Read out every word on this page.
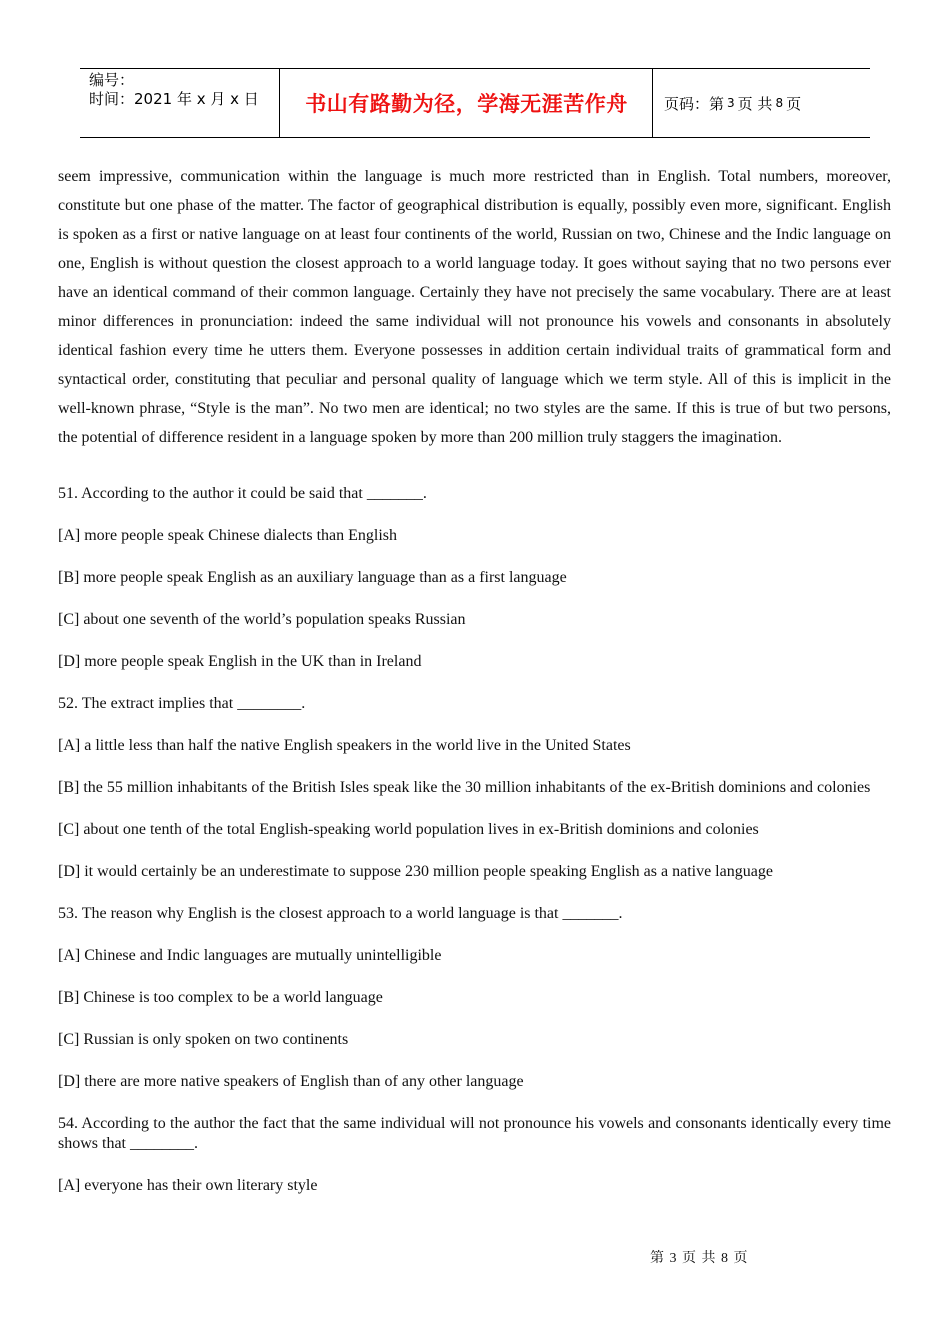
编号：
时间：2021 年 x 月 x 日	书山有路勤为径，学海无涯苦作舟	页码：第 3 页 共 8 页

seem impressive, communication within the language is much more restricted than in English. Total numbers, moreover, constitute but one phase of the matter. The factor of geographical distribution is equally, possibly even more, significant. English is spoken as a first or native language on at least four continents of the world, Russian on two, Chinese and the Indic language on one, English is without question the closest approach to a world language today. It goes without saying that no two persons ever have an identical command of their common language. Certainly they have not precisely the same vocabulary. There are at least minor differences in pronunciation: indeed the same individual will not pronounce his vowels and consonants in absolutely identical fashion every time he utters them. Everyone possesses in addition certain individual traits of grammatical form and syntactical order, constituting that peculiar and personal quality of language which we term style. All of this is implicit in the well-known phrase, “Style is the man”. No two men are identical; no two styles are the same. If this is true of but two persons, the potential of difference resident in a language spoken by more than 200 million truly staggers the imagination.

51. According to the author it could be said that _______.

[A] more people speak Chinese dialects than English

[B] more people speak English as an auxiliary language than as a first language

[C] about one seventh of the world’s population speaks Russian

[D] more people speak English in the UK than in Ireland

52. The extract implies that ________.

[A] a little less than half the native English speakers in the world live in the United States

[B] the 55 million inhabitants of the British Isles speak like the 30 million inhabitants of the ex-British dominions and colonies

[C] about one tenth of the total English-speaking world population lives in ex-British dominions and colonies

[D] it would certainly be an underestimate to suppose 230 million people speaking English as a native language

53. The reason why English is the closest approach to a world language is that _______.

[A] Chinese and Indic languages are mutually unintelligible

[B] Chinese is too complex to be a world language

[C] Russian is only spoken on two continents

[D] there are more native speakers of English than of any other language

54. According to the author the fact that the same individual will not pronounce his vowels and consonants identically every time shows that ________.

[A] everyone has their own literary style

第 3 页 共 8 页
